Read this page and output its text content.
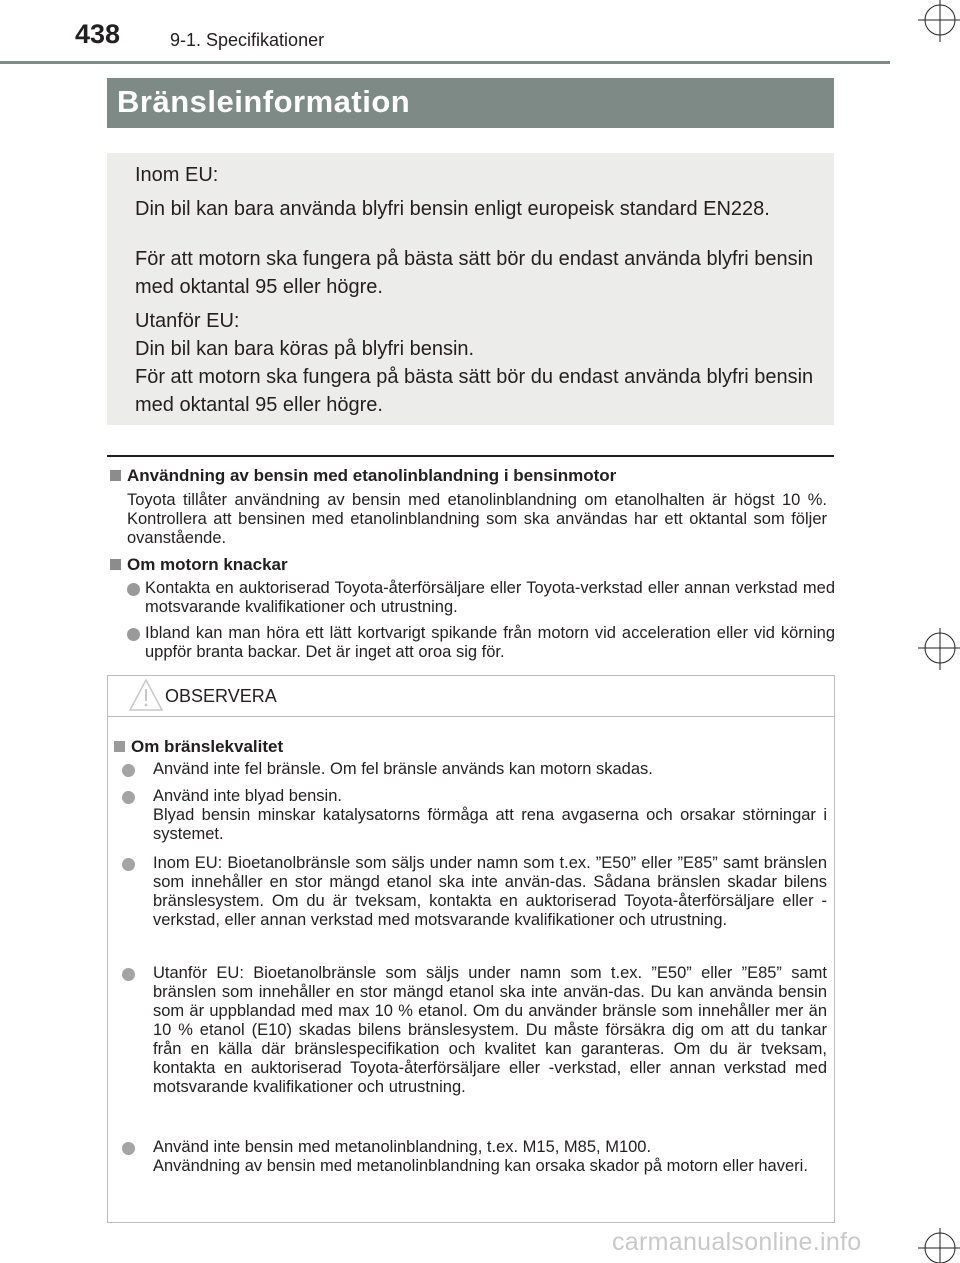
438	9-1. Specifikationer
Bränsleinformation
Inom EU:
Din bil kan bara använda blyfri bensin enligt europeisk standard EN228.
För att motorn ska fungera på bästa sätt bör du endast använda blyfri bensin med oktantal 95 eller högre.
Utanför EU:
Din bil kan bara köras på blyfri bensin.
För att motorn ska fungera på bästa sätt bör du endast använda blyfri bensin med oktantal 95 eller högre.
Användning av bensin med etanolinblandning i bensinmotor
Toyota tillåter användning av bensin med etanolinblandning om etanolhalten är högst 10 %. Kontrollera att bensinen med etanolinblandning som ska användas har ett oktantal som följer ovanstående.
Om motorn knackar
Kontakta en auktoriserad Toyota-återförsäljare eller Toyota-verkstad eller annan verkstad med motsvarande kvalifikationer och utrustning.
Ibland kan man höra ett lätt kortvarigt spikande från motorn vid acceleration eller vid körning uppför branta backar. Det är inget att oroa sig för.
OBSERVERA
Om bränslekvalitet
Använd inte fel bränsle. Om fel bränsle används kan motorn skadas.
Använd inte blyad bensin.
Blyad bensin minskar katalysatorns förmåga att rena avgaserna och orsakar störningar i systemet.
Inom EU: Bioetanolbränsle som säljs under namn som t.ex. ”E50” eller ”E85” samt bränslen som innehåller en stor mängd etanol ska inte använ-das. Sådana bränslen skadar bilens bränslesystem. Om du är tveksam, kontakta en auktoriserad Toyota-återförsäljare eller -verkstad, eller annan verkstad med motsvarande kvalifikationer och utrustning.
Utanför EU: Bioetanolbränsle som säljs under namn som t.ex. ”E50” eller ”E85” samt bränslen som innehåller en stor mängd etanol ska inte använ-das. Du kan använda bensin som är uppblandad med max 10 % etanol. Om du använder bränsle som innehåller mer än 10 % etanol (E10) skadas bilens bränslesystem. Du måste försäkra dig om att du tankar från en källa där bränslespecifikation och kvalitet kan garanteras. Om du är tveksam, kontakta en auktoriserad Toyota-återförsäljare eller -verkstad, eller annan verkstad med motsvarande kvalifikationer och utrustning.
Använd inte bensin med metanolinblandning, t.ex. M15, M85, M100.
Användning av bensin med metanolinblandning kan orsaka skador på motorn eller haveri.
carmanualsonline.info
